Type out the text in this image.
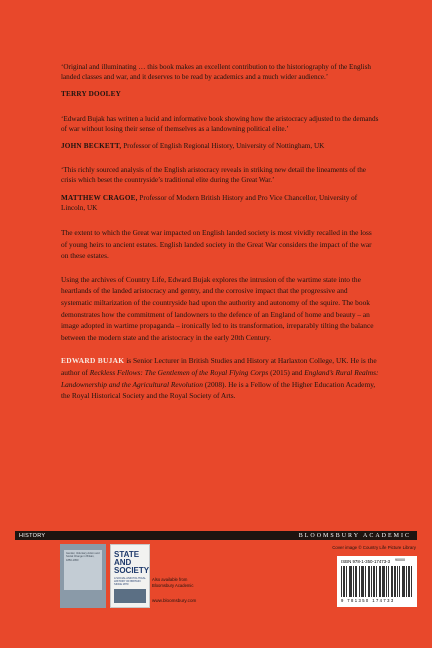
‘Original and illuminating … this book makes an excellent contribution to the historiography of the English landed classes and war, and it deserves to be read by academics and a much wider audience.’

TERRY DOOLEY

‘Edward Bujak has written a lucid and informative book showing how the aristocracy adjusted to the demands of war without losing their sense of themselves as a landowning political elite.’

JOHN BECKETT, Professor of English Regional History, University of Nottingham, UK

‘This richly sourced analysis of the English aristocracy reveals in striking new detail the lineaments of the crisis which beset the countryside’s traditional elite during the Great War.’

MATTHEW CRAGOE, Professor of Modern British History and Pro Vice Chancellor, University of Lincoln, UK

The extent to which the Great war impacted on English landed society is most vividly recalled in the loss of young heirs to ancient estates. English landed society in the Great War considers the impact of the war on these estates.

Using the archives of Country Life, Edward Bujak explores the intrusion of the wartime state into the heartlands of the landed aristocracy and gentry, and the corrosive impact that the progressive and systematic miltarization of the countryside had upon the authority and autonomy of the squire. The book demonstrates how the commitment of landowners to the defence of an England of home and beauty – an image adopted in wartime propaganda – ironically led to its transformation, irreparably tilting the balance between the modern state and the aristocracy in the early 20th Century.

EDWARD BUJAK is Senior Lecturer in British Studies and History at Harlaxton College, UK. He is the author of Reckless Fellows: The Gentlemen of the Royal Flying Corps (2015) and England’s Rural Realms: Landownership and the Agricultural Revolution (2008). He is a Fellow of the Higher Education Academy, the Royal Historical Society and the Royal Society of Arts.

HISTORY	BLOOMSBURY ACADEMIC
Gender, Voluntary Action and Social Change in Britain, 1850-1950
STATE
AND
SOCIETY
A SOCIAL AND POLITICAL HISTORY OF BRITAIN SINCE 1870
Also available from
Bloomsbury Academic
www.bloomsbury.com
Cover image © Country Life Picture Library
ISBN 978-1-350-17473-3 90000
9 781350 174733
